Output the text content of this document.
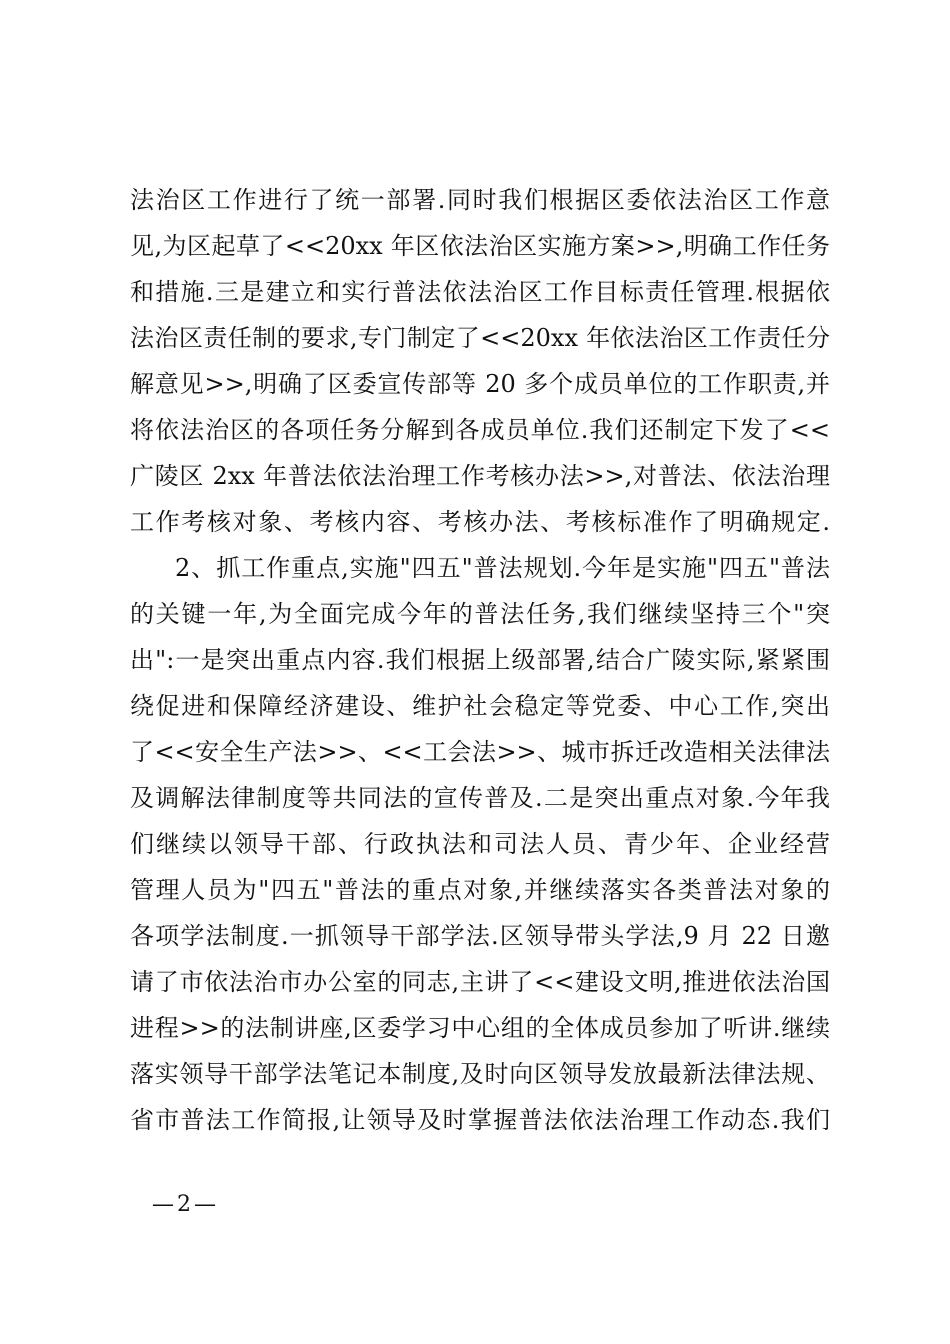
法治区工作进行了统一部署.同时我们根据区委依法治区工作意
见,为区起草了<<20xx 年区依法治区实施方案>>,明确工作任务
和措施.三是建立和实行普法依法治区工作目标责任管理.根据依
法治区责任制的要求,专门制定了<<20xx 年依法治区工作责任分
解意见>>,明确了区委宣传部等 20 多个成员单位的工作职责,并
将依法治区的各项任务分解到各成员单位.我们还制定下发了<<
广陵区 2xx 年普法依法治理工作考核办法>>,对普法、依法治理
工作考核对象、考核内容、考核办法、考核标准作了明确规定.
2、抓工作重点,实施"四五"普法规划.今年是实施"四五"普法
的关键一年,为全面完成今年的普法任务,我们继续坚持三个"突
出":一是突出重点内容.我们根据上级部署,结合广陵实际,紧紧围
绕促进和保障经济建设、维护社会稳定等党委、中心工作,突出
了<<安全生产法>>、<<工会法>>、城市拆迁改造相关法律法
及调解法律制度等共同法的宣传普及.二是突出重点对象.今年我
们继续以领导干部、行政执法和司法人员、青少年、企业经营
管理人员为"四五"普法的重点对象,并继续落实各类普法对象的
各项学法制度.一抓领导干部学法.区领导带头学法,9 月 22 日邀
请了市依法治市办公室的同志,主讲了<<建设文明,推进依法治国
进程>>的法制讲座,区委学习中心组的全体成员参加了听讲.继续
落实领导干部学法笔记本制度,及时向区领导发放最新法律法规、
省市普法工作简报,让领导及时掌握普法依法治理工作动态.我们
—2—
